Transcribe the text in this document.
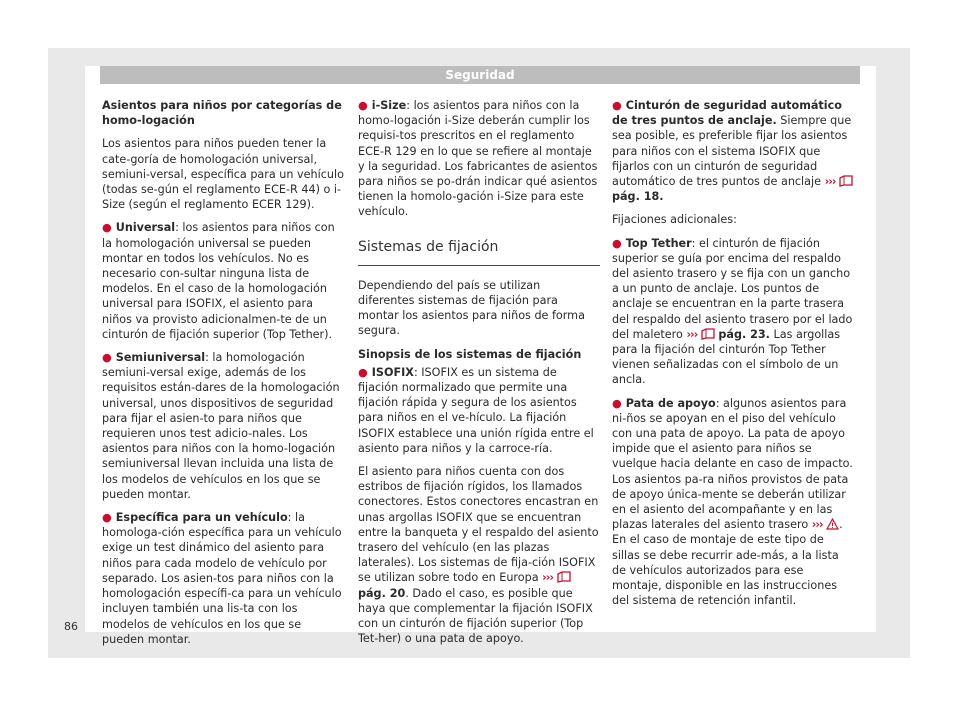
Seguridad

Asientos para niños por categorías de homo-logación

Los asientos para niños pueden tener la cate-goría de homologación universal, semiuni-versal, específica para un vehículo (todas se-gún el reglamento ECE-R 44) o i-Size (según el reglamento ECER 129).

● Universal: los asientos para niños con la homologación universal se pueden montar en todos los vehículos. No es necesario con-sultar ninguna lista de modelos. En el caso de la homologación universal para ISOFIX, el asiento para niños va provisto adicionalmen-te de un cinturón de fijación superior (Top Tether).

● Semiuniversal: la homologación semiuni-versal exige, además de los requisitos están-dares de la homologación universal, unos dispositivos de seguridad para fijar el asien-to para niños que requieren unos test adicio-nales. Los asientos para niños con la homo-logación semiuniversal llevan incluida una lista de los modelos de vehículos en los que se pueden montar.

● Específica para un vehículo: la homologa-ción específica para un vehículo exige un test dinámico del asiento para niños para cada modelo de vehículo por separado. Los asien-tos para niños con la homologación específi-ca para un vehículo incluyen también una lis-ta con los modelos de vehículos en los que se pueden montar.

● i-Size: los asientos para niños con la homo-logación i-Size deberán cumplir los requisi-tos prescritos en el reglamento ECE-R 129 en lo que se refiere al montaje y la seguridad. Los fabricantes de asientos para niños se po-drán indicar qué asientos tienen la homolo-gación i-Size para este vehículo.

Sistemas de fijación

Dependiendo del país se utilizan diferentes sistemas de fijación para montar los asientos para niños de forma segura.

Sinopsis de los sistemas de fijación

● ISOFIX: ISOFIX es un sistema de fijación normalizado que permite una fijación rápida y segura de los asientos para niños en el ve-hículo. La fijación ISOFIX establece una unión rígida entre el asiento para niños y la carroce-ría.

El asiento para niños cuenta con dos estribos de fijación rígidos, los llamados conectores. Estos conectores encastran en unas argollas ISOFIX que se encuentran entre la banqueta y el respaldo del asiento trasero del vehículo (en las plazas laterales). Los sistemas de fija-ción ISOFIX se utilizan sobre todo en Europa ›››  pág. 20. Dado el caso, es posible que haya que complementar la fijación ISOFIX con un cinturón de fijación superior (Top Tet-her) o una pata de apoyo.

● Cinturón de seguridad automático de tres puntos de anclaje. Siempre que sea posible, es preferible fijar los asientos para niños con el sistema ISOFIX que fijarlos con un cinturón de seguridad automático de tres puntos de anclaje ›››  pág. 18.

Fijaciones adicionales:

● Top Tether: el cinturón de fijación superior se guía por encima del respaldo del asiento trasero y se fija con un gancho a un punto de anclaje. Los puntos de anclaje se encuentran en la parte trasera del respaldo del asiento trasero por el lado del maletero ››› pág. 23. Las argollas para la fijación del cinturón Top Tether vienen señalizadas con el símbolo de un ancla.

● Pata de apoyo: algunos asientos para ni-ños se apoyan en el piso del vehículo con una pata de apoyo. La pata de apoyo impide que el asiento para niños se vuelque hacia delante en caso de impacto. Los asientos pa-ra niños provistos de pata de apoyo única-mente se deberán utilizar en el asiento del acompañante y en las plazas laterales del asiento trasero ››› . En el caso de montaje de este tipo de sillas se debe recurrir ade-más, a la lista de vehículos autorizados para ese montaje, disponible en las instrucciones del sistema de retención infantil.

86
